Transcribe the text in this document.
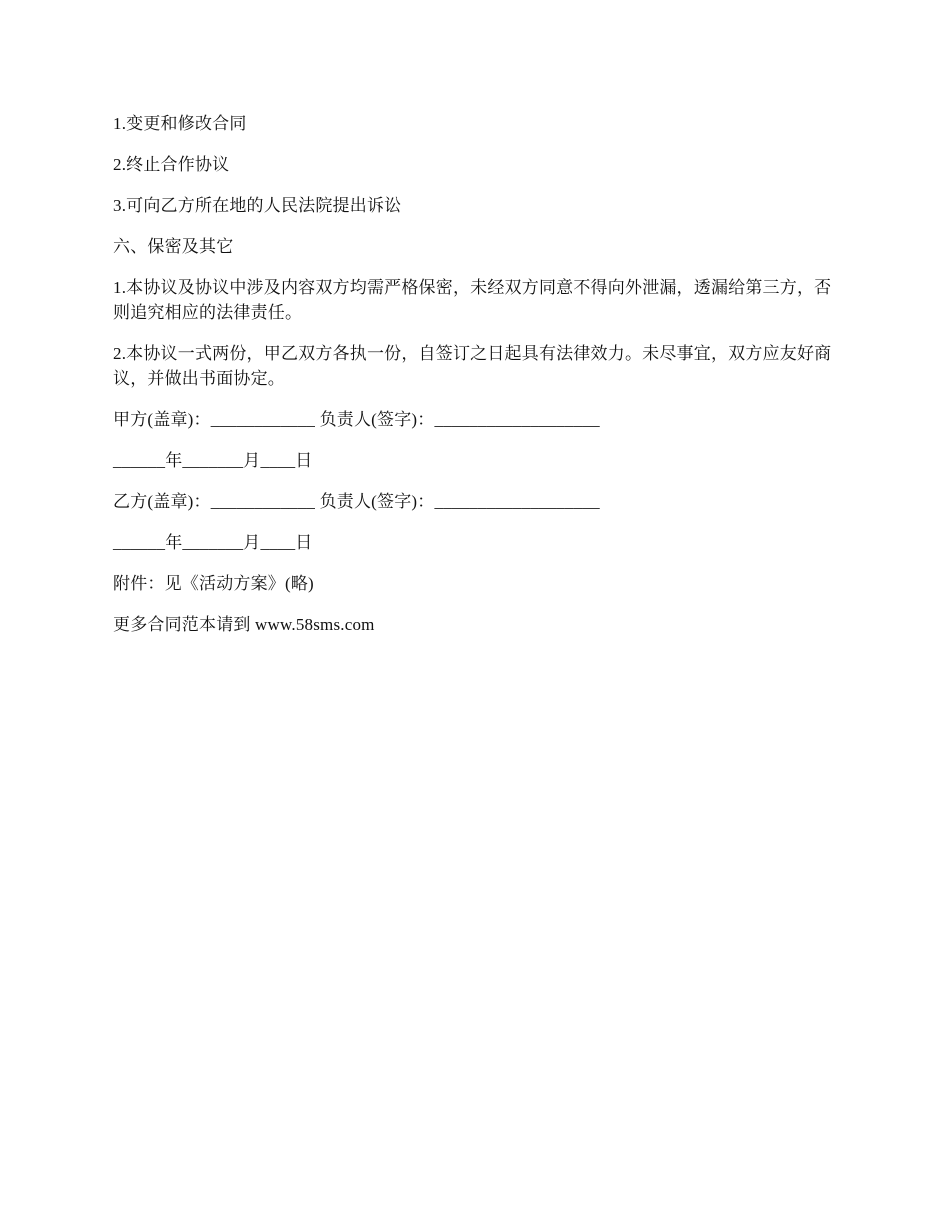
1.变更和修改合同

2.终止合作协议

3.可向乙方所在地的人民法院提出诉讼

六、保密及其它

1.本协议及协议中涉及内容双方均需严格保密，未经双方同意不得向外泄漏，透漏给第三方，否则追究相应的法律责任。

2.本协议一式两份，甲乙双方各执一份，自签订之日起具有法律效力。未尽事宜，双方应友好商议，并做出书面协定。

甲方(盖章)：____________ 负责人(签字)：___________________

______年_______月____日

乙方(盖章)：____________ 负责人(签字)：___________________

______年_______月____日

附件：见《活动方案》(略)

更多合同范本请到 www.58sms.com
